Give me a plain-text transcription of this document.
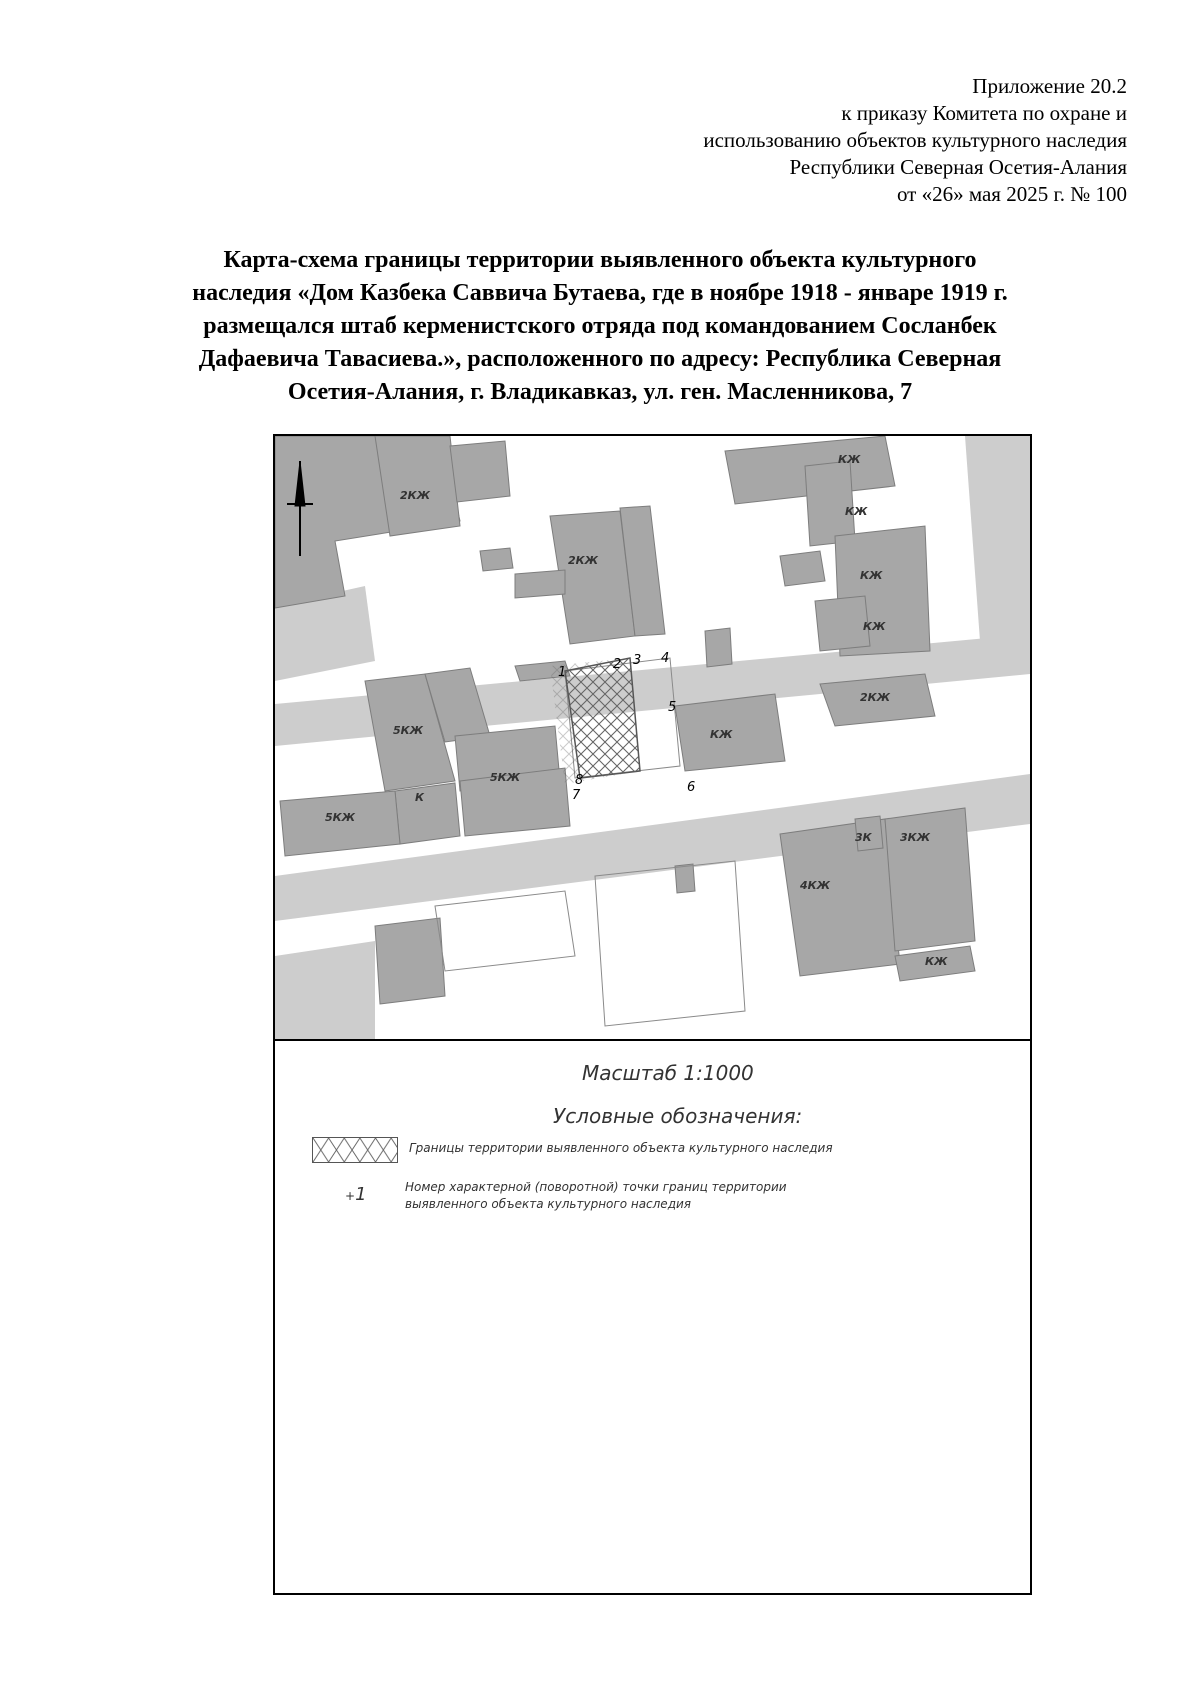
Приложение 20.2
к приказу Комитета по охране и
использованию объектов культурного наследия
Республики Северная Осетия-Алания
от «26» мая 2025 г. № 100
Карта-схема границы территории выявленного объекта культурного
наследия «Дом Казбека Саввича Бутаева, где в ноябре 1918 - январе 1919 г.
размещался штаб керменистского отряда под командованием Сосланбек
Дафаевича Тавасиева.», расположенного по адресу: Республика Северная
Осетия-Алания, г. Владикавказ, ул. ген. Масленникова, 7
2КЖ
2КЖ
КЖ
КЖ
КЖ
КЖ
2КЖ
5КЖ
5КЖ
5КЖ
К
КЖ
3К	3КЖ
4КЖ
КЖ
1
2 3 4
5
6
7
8
Масштаб 1:1000
Условные обозначения:
Границы территории выявленного объекта культурного наследия
+1	Номер характерной (поворотной) точки границ территории выявленного объекта культурного наследия
